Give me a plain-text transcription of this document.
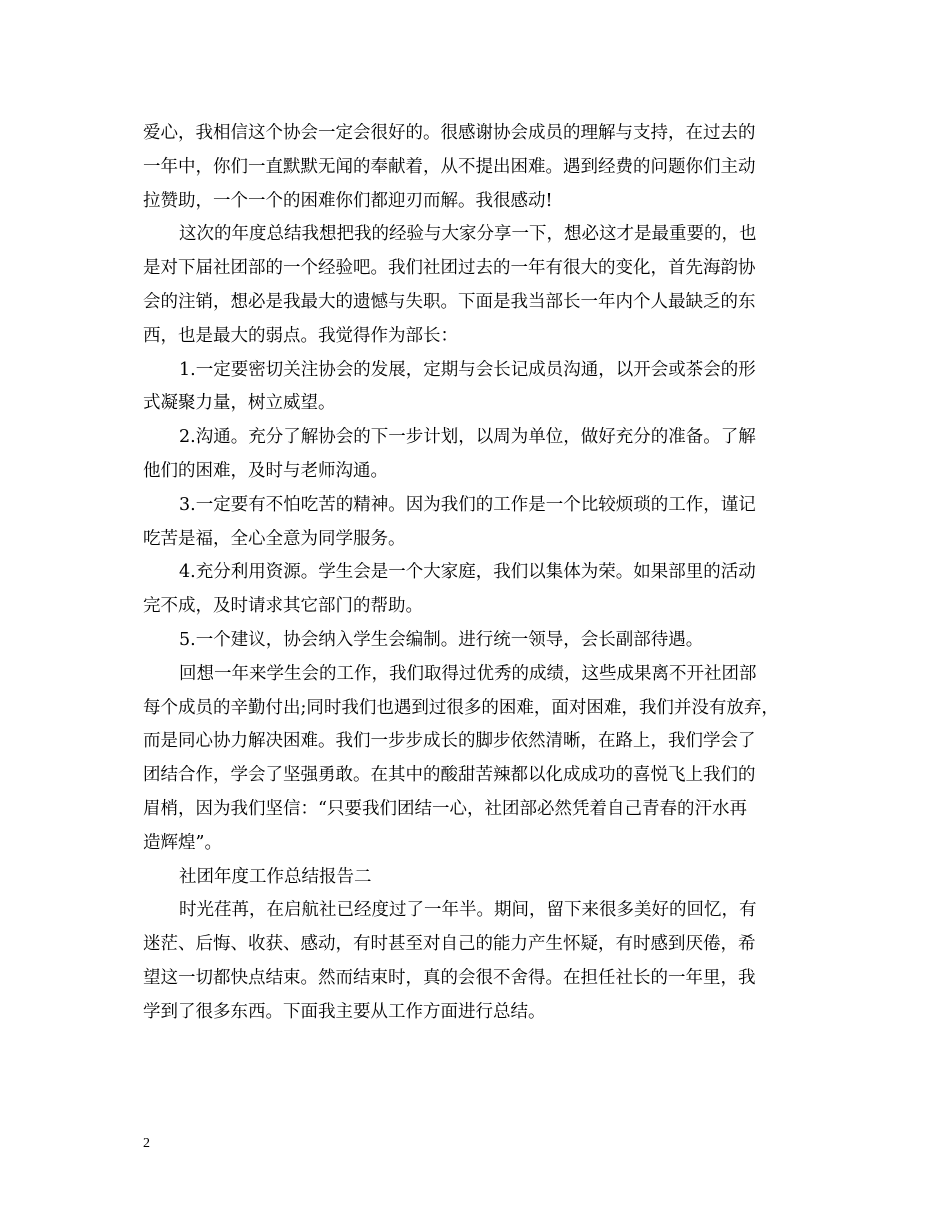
爱心，我相信这个协会一定会很好的。很感谢协会成员的理解与支持，在过去的
一年中，你们一直默默无闻的奉献着，从不提出困难。遇到经费的问题你们主动
拉赞助，一个一个的困难你们都迎刃而解。我很感动!
这次的年度总结我想把我的经验与大家分享一下，想必这才是最重要的，也
是对下届社团部的一个经验吧。我们社团过去的一年有很大的变化，首先海韵协
会的注销，想必是我最大的遗憾与失职。下面是我当部长一年内个人最缺乏的东
西，也是最大的弱点。我觉得作为部长：
1.一定要密切关注协会的发展，定期与会长记成员沟通，以开会或茶会的形
式凝聚力量，树立威望。
2.沟通。充分了解协会的下一步计划，以周为单位，做好充分的准备。了解
他们的困难，及时与老师沟通。
3.一定要有不怕吃苦的精神。因为我们的工作是一个比较烦琐的工作，谨记
吃苦是福，全心全意为同学服务。
4.充分利用资源。学生会是一个大家庭，我们以集体为荣。如果部里的活动
完不成，及时请求其它部门的帮助。
5.一个建议，协会纳入学生会编制。进行统一领导，会长副部待遇。
回想一年来学生会的工作，我们取得过优秀的成绩，这些成果离不开社团部
每个成员的辛勤付出;同时我们也遇到过很多的困难，面对困难，我们并没有放弃，
而是同心协力解决困难。我们一步步成长的脚步依然清晰，在路上，我们学会了
团结合作，学会了坚强勇敢。在其中的酸甜苦辣都以化成成功的喜悦飞上我们的
眉梢，因为我们坚信：“只要我们团结一心，社团部必然凭着自己青春的汗水再
造辉煌”。
社团年度工作总结报告二
时光荏苒，在启航社已经度过了一年半。期间，留下来很多美好的回忆，有
迷茫、后悔、收获、感动，有时甚至对自己的能力产生怀疑，有时感到厌倦，希
望这一切都快点结束。然而结束时，真的会很不舍得。在担任社长的一年里，我
学到了很多东西。下面我主要从工作方面进行总结。
2
